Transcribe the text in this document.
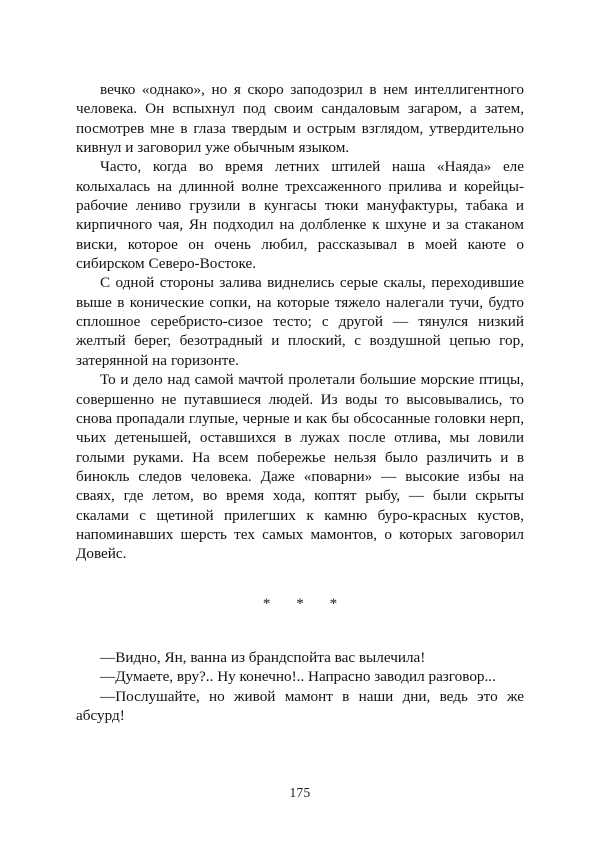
вечко «однако», но я скоро заподозрил в нем интеллигентного человека. Он вспыхнул под своим сандаловым загаром, а затем, посмотрев мне в глаза твердым и острым взглядом, утвердительно кивнул и заговорил уже обычным языком.

Часто, когда во время летних штилей наша «Наяда» еле колыхалась на длинной волне трехсаженного прилива и корейцы-рабочие лениво грузили в кунгасы тюки мануфактуры, табака и кирпичного чая, Ян подходил на долбленке к шхуне и за стаканом виски, которое он очень любил, рассказывал в моей каюте о сибирском Северо-Востоке.

С одной стороны залива виднелись серые скалы, переходившие выше в конические сопки, на которые тяжело налегали тучи, будто сплошное серебристо-сизое тесто; с другой — тянулся низкий желтый берег, безотрадный и плоский, с воздушной цепью гор, затерянной на горизонте.

То и дело над самой мачтой пролетали большие морские птицы, совершенно не путавшиеся людей. Из воды то высовывались, то снова пропадали глупые, черные и как бы обсосанные головки нерп, чьих детенышей, оставшихся в лужах после отлива, мы ловили голыми руками. На всем побережье нельзя было различить и в бинокль следов человека. Даже «поварни» — высокие избы на сваях, где летом, во время хода, коптят рыбу, — были скрыты скалами с щетиной прилегших к камню буро-красных кустов, напоминавших шерсть тех самых мамонтов, о которых заговорил Довейс.

* * *

—Видно, Ян, ванна из брандспойта вас вылечила!

—Думаете, вру?.. Ну конечно!.. Напрасно заводил разговор...

—Послушайте, но живой мамонт в наши дни, ведь это же абсурд!

175
